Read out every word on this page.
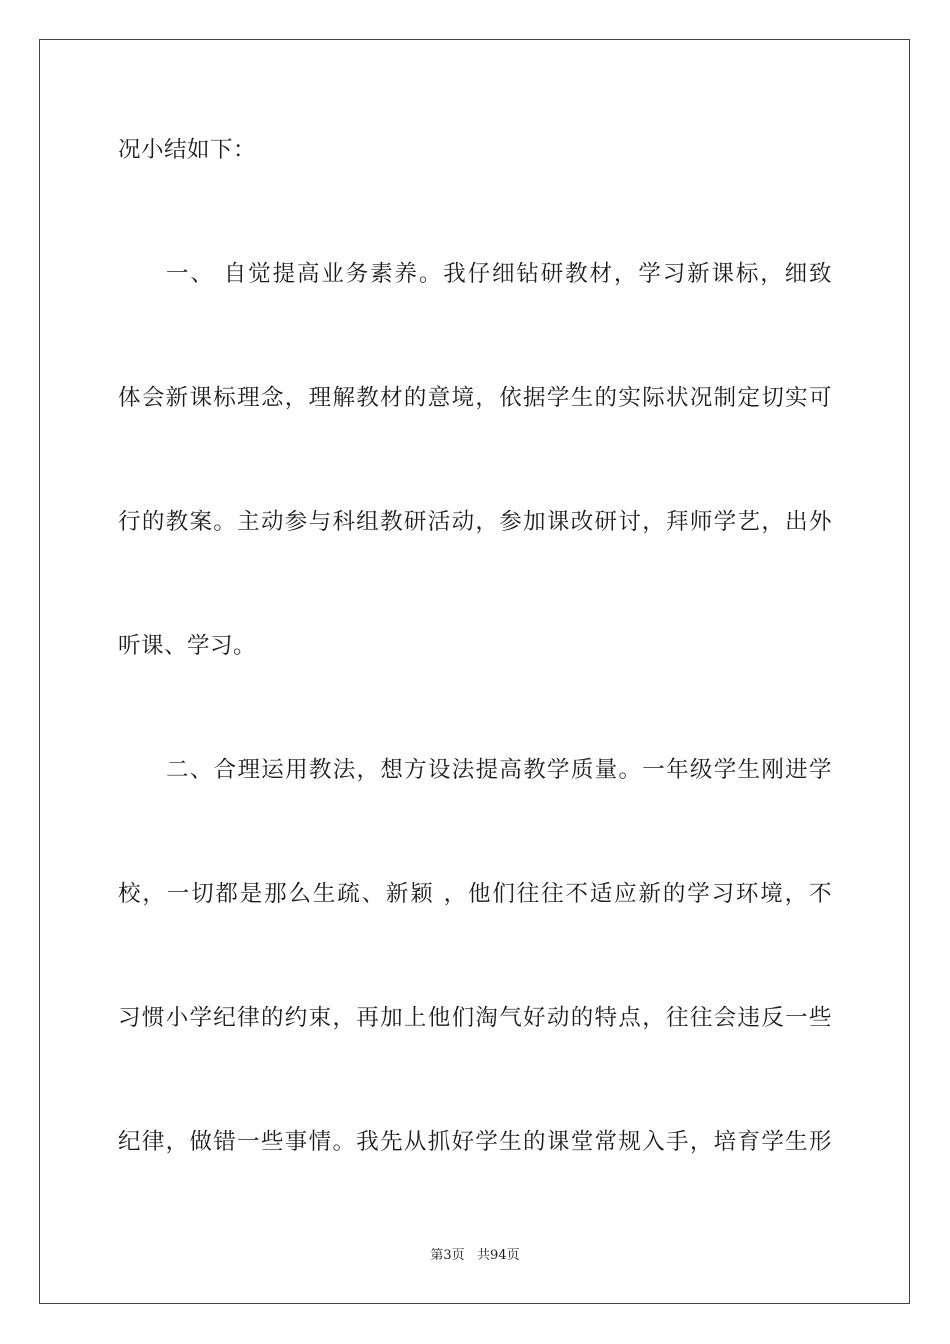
况小结如下：
一、 自觉提高业务素养。我仔细钻研教材，学习新课标，细致
体会新课标理念，理解教材的意境，依据学生的实际状况制定切实可
行的教案。主动参与科组教研活动，参加课改研讨，拜师学艺，出外
听课、学习。
二、合理运用教法，想方设法提高教学质量。一年级学生刚进学
校，一切都是那么生疏、新颖 ，他们往往不适应新的学习环境，不
习惯小学纪律的约束，再加上他们淘气好动的特点，往往会违反一些
纪律，做错一些事情。我先从抓好学生的课堂常规入手，培育学生形
第3页   共94页
